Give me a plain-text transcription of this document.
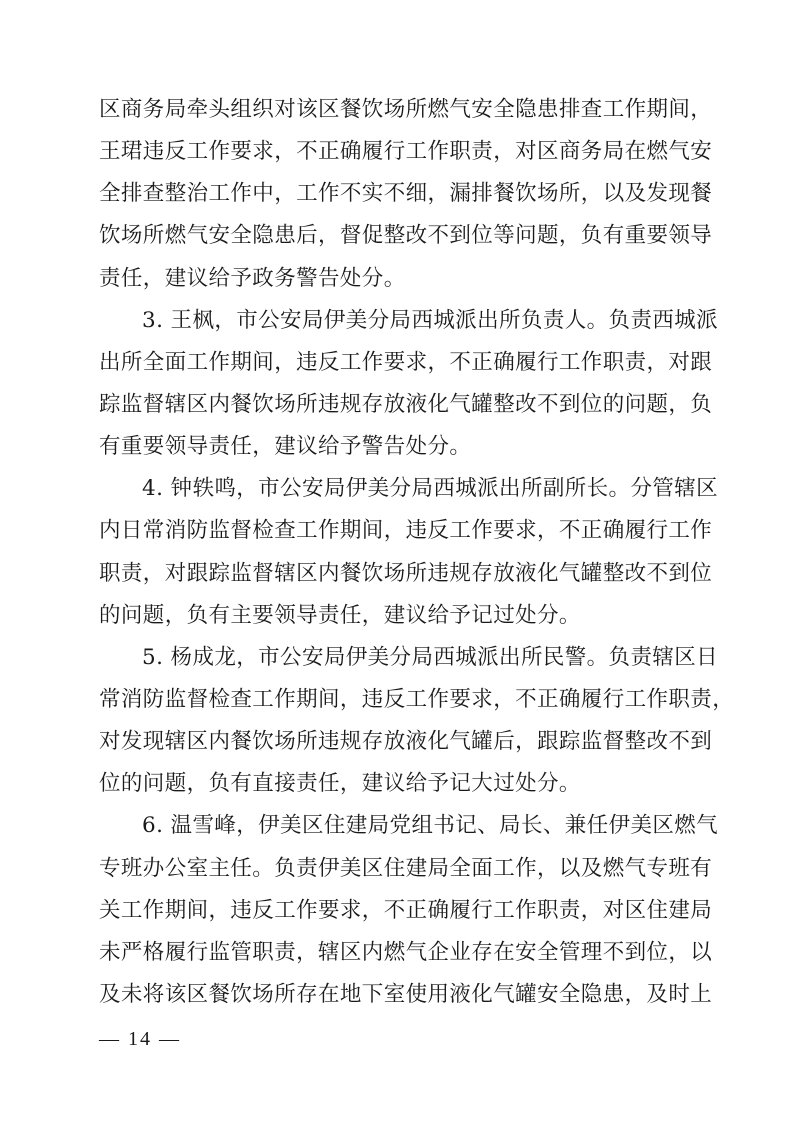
区商务局牵头组织对该区餐饮场所燃气安全隐患排查工作期间，
王珺违反工作要求，不正确履行工作职责，对区商务局在燃气安
全排查整治工作中，工作不实不细，漏排餐饮场所，以及发现餐
饮场所燃气安全隐患后，督促整改不到位等问题，负有重要领导
责任，建议给予政务警告处分。
3. 王枫，市公安局伊美分局西城派出所负责人。负责西城派
出所全面工作期间，违反工作要求，不正确履行工作职责，对跟
踪监督辖区内餐饮场所违规存放液化气罐整改不到位的问题，负
有重要领导责任，建议给予警告处分。
4. 钟轶鸣，市公安局伊美分局西城派出所副所长。分管辖区
内日常消防监督检查工作期间，违反工作要求，不正确履行工作
职责，对跟踪监督辖区内餐饮场所违规存放液化气罐整改不到位
的问题，负有主要领导责任，建议给予记过处分。
5. 杨成龙，市公安局伊美分局西城派出所民警。负责辖区日
常消防监督检查工作期间，违反工作要求，不正确履行工作职责，
对发现辖区内餐饮场所违规存放液化气罐后，跟踪监督整改不到
位的问题，负有直接责任，建议给予记大过处分。
6. 温雪峰，伊美区住建局党组书记、局长、兼任伊美区燃气
专班办公室主任。负责伊美区住建局全面工作，以及燃气专班有
关工作期间，违反工作要求，不正确履行工作职责，对区住建局
未严格履行监管职责，辖区内燃气企业存在安全管理不到位，以
及未将该区餐饮场所存在地下室使用液化气罐安全隐患，及时上
— 14 —
